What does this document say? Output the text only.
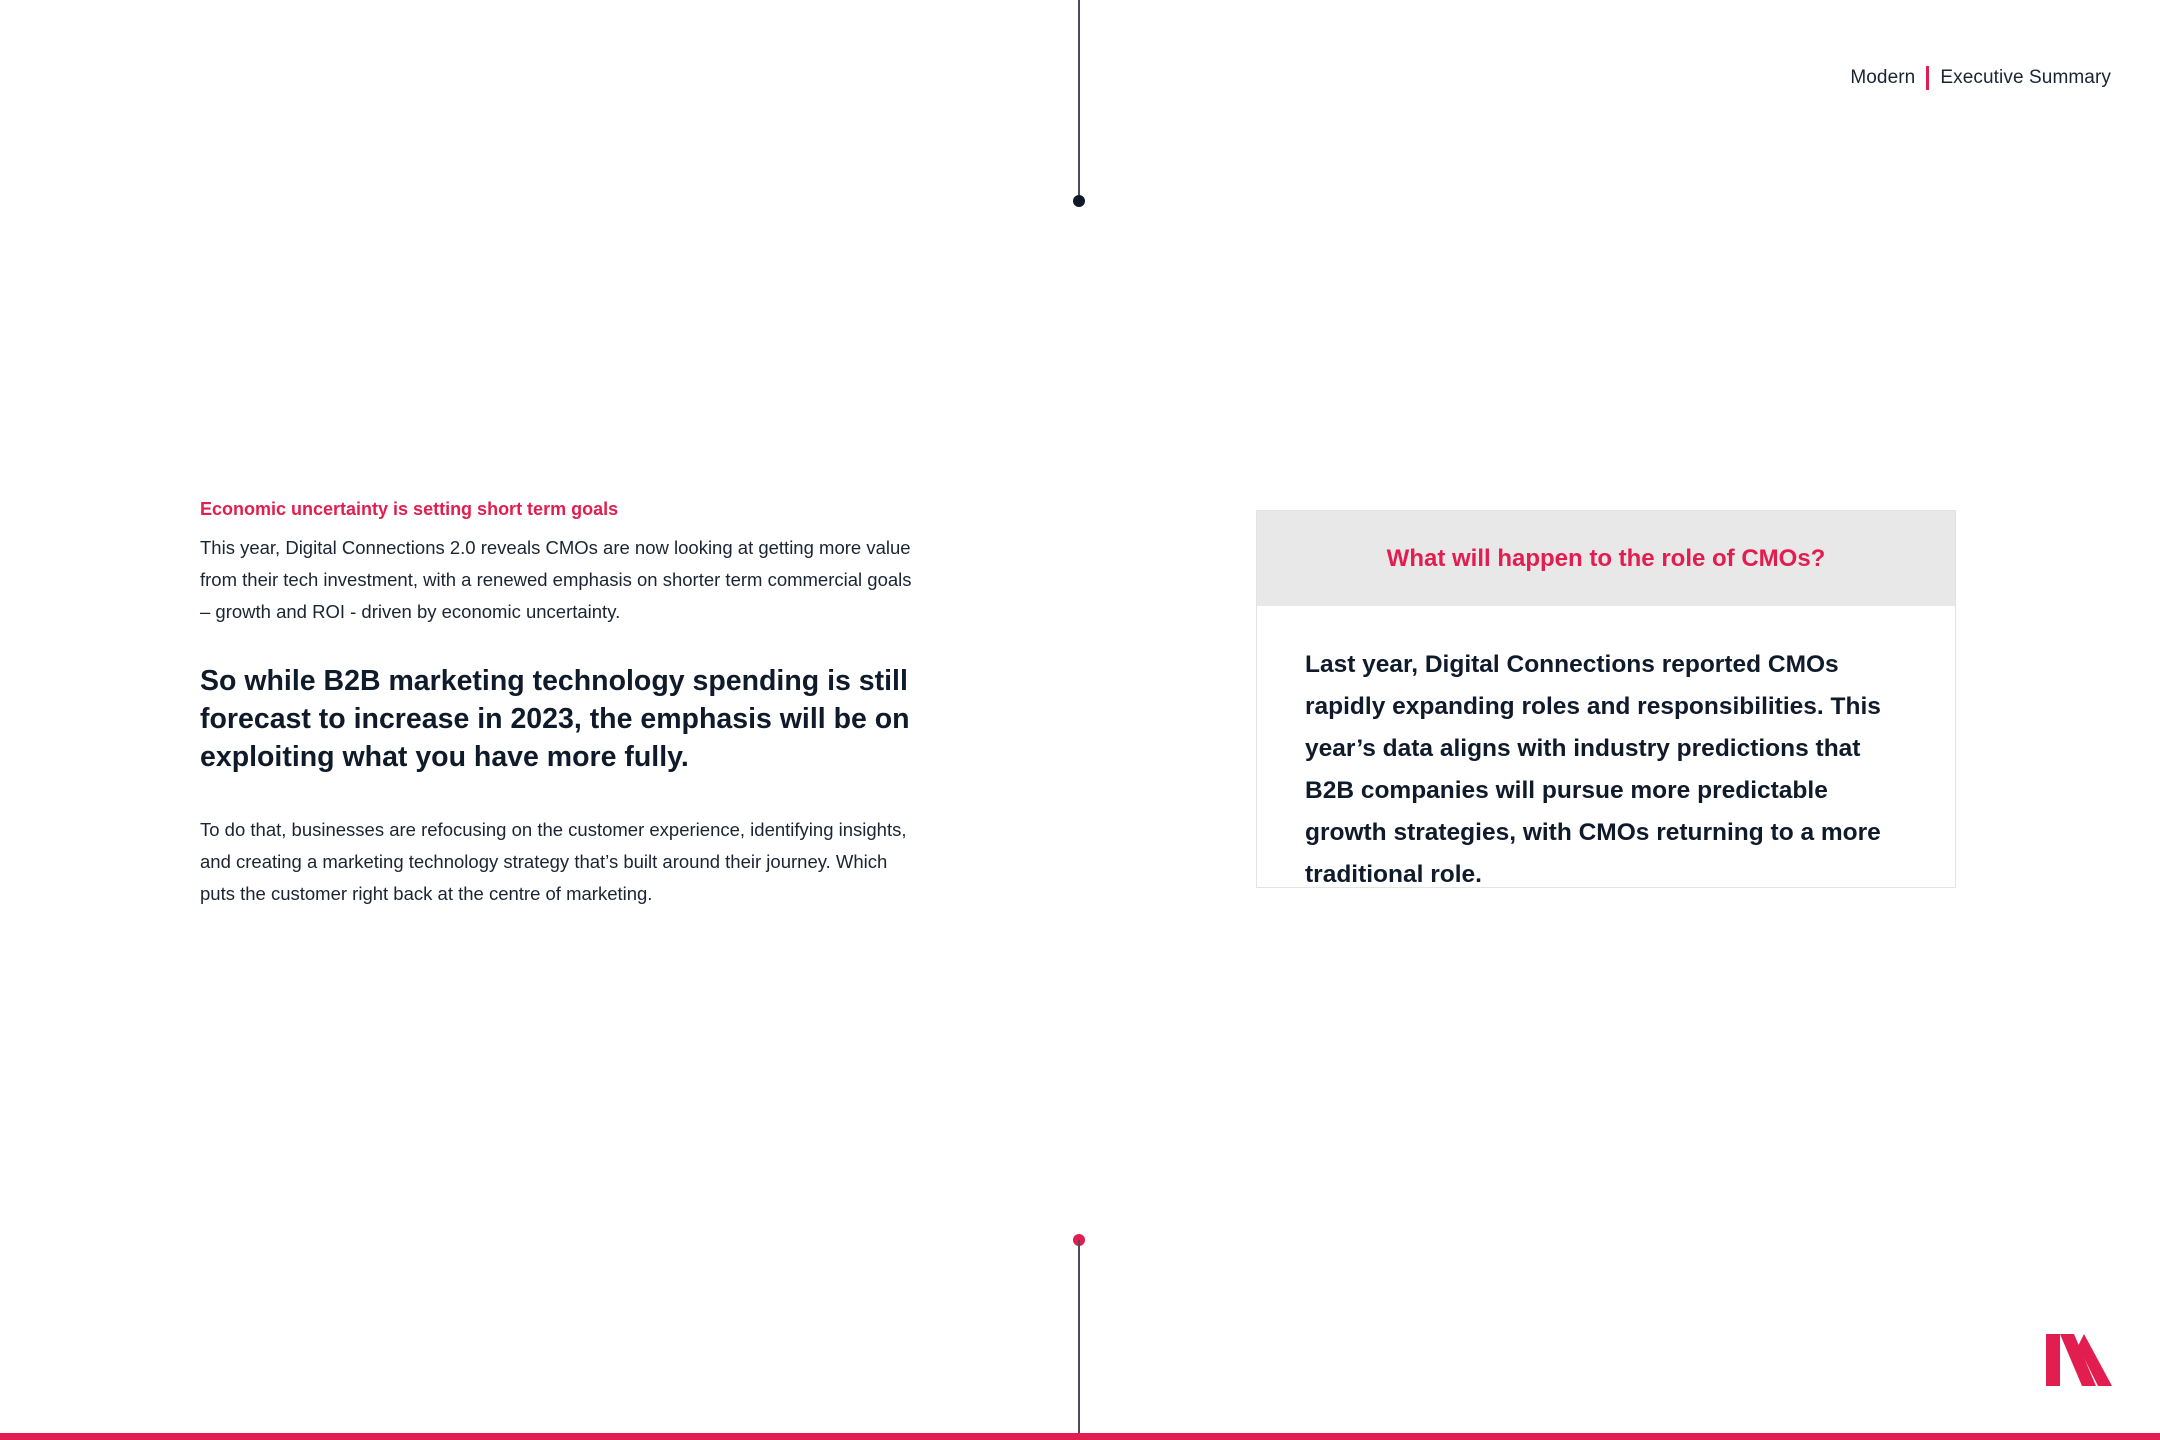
Modern Executive Summary

Economic uncertainty is setting short term goals

This year, Digital Connections 2.0 reveals CMOs are now looking at getting more value from their tech investment, with a renewed emphasis on shorter term commercial goals – growth and ROI - driven by economic uncertainty.

So while B2B marketing technology spending is still forecast to increase in 2023, the emphasis will be on exploiting what you have more fully.

To do that, businesses are refocusing on the customer experience, identifying insights, and creating a marketing technology strategy that’s built around their journey. Which puts the customer right back at the centre of marketing.

What will happen to the role of CMOs?

Last year, Digital Connections reported CMOs rapidly expanding roles and responsibilities. This year’s data aligns with industry predictions that B2B companies will pursue more predictable growth strategies, with CMOs returning to a more traditional role.
